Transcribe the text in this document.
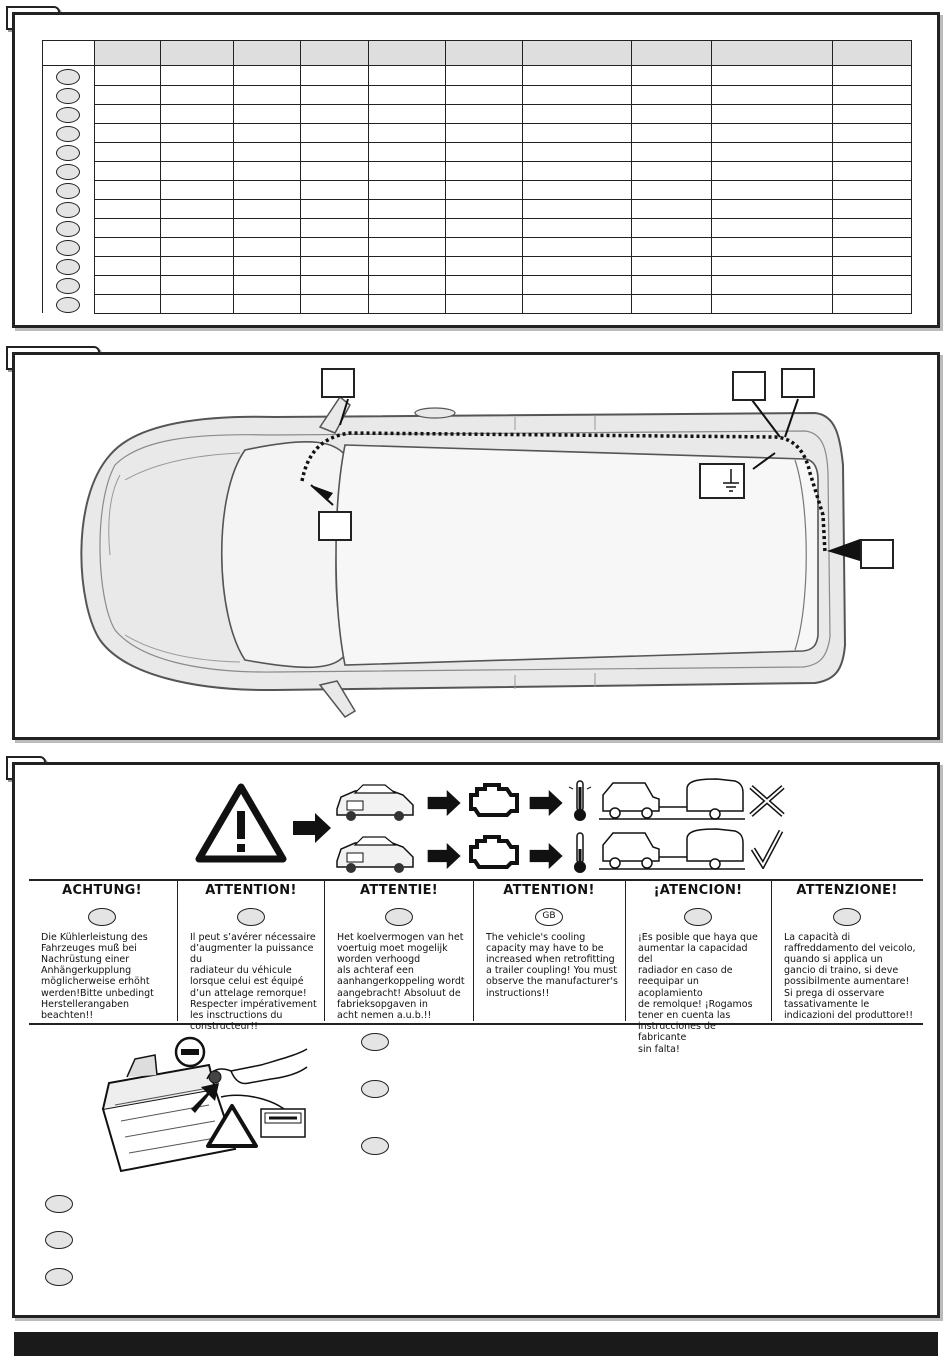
ACHTUNG!

Die Kühlerleistung des
Fahrzeuges muß bei
Nachrüstung einer
Anhängerkupplung
möglicherweise erhöht
werden!Bitte unbedingt
Herstellerangaben
beachten!!

ATTENTION!

Il peut s’avérer nécessaire
d’augmenter la puissance du
radiateur du véhicule
lorsque celui est équipé
d’un attelage remorque!
Respecter impérativement
les insctructions du
constructeur!!

ATTENTIE!

Het koelvermogen van het
voertuig moet mogelijk
worden verhoogd
als achteraf een
aanhangerkoppeling wordt
aangebracht! Absoluut de
fabrieksopgaven in
acht nemen a.u.b.!!

ATTENTION!
GB

The vehicle's cooling
capacity may have to be
increased when retrofitting
a trailer coupling! You must
observe the manufacturer's
instructions!!

¡ATENCION!

¡Es posible que haya que
aumentar la capacidad del
radiador en caso de
reequipar un acoplamiento
de remolque! ¡Rogamos
tener en cuenta las
instrucciones de fabricante
sin falta!

ATTENZIONE!

La capacità di
raffreddamento del veicolo,
quando si applica un
gancio di traino, si deve
possibilmente aumentare!
Si prega di osservare
tassativamente le
indicazioni del produttore!!
